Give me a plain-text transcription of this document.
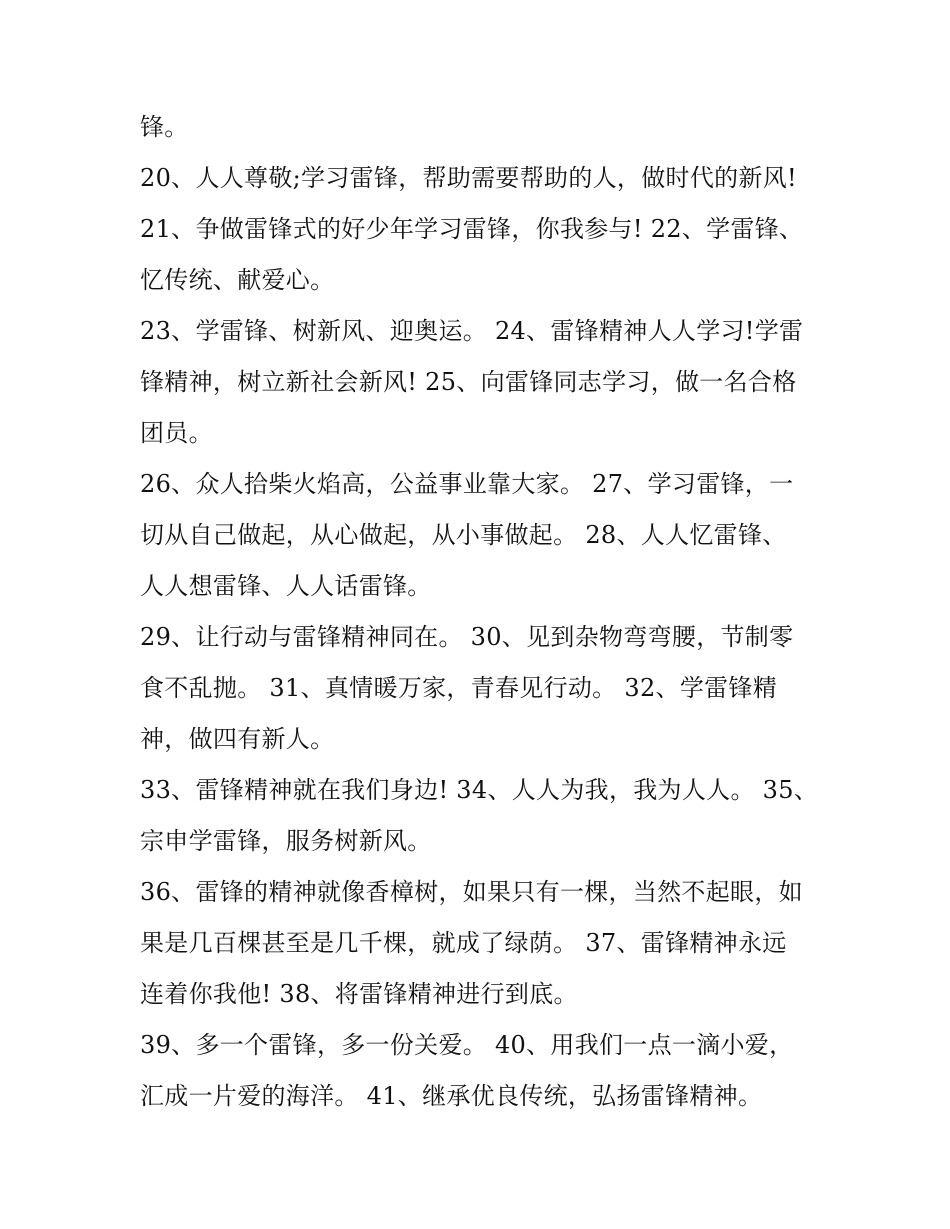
锋。
20、人人尊敬;学习雷锋，帮助需要帮助的人，做时代的新风!
21、争做雷锋式的好少年学习雷锋，你我参与! 22、学雷锋、
忆传统、献爱心。
23、学雷锋、树新风、迎奥运。 24、雷锋精神人人学习!学雷
锋精神，树立新社会新风! 25、向雷锋同志学习，做一名合格
团员。
26、众人拾柴火焰高，公益事业靠大家。 27、学习雷锋，一
切从自己做起，从心做起，从小事做起。 28、人人忆雷锋、
人人想雷锋、人人话雷锋。
29、让行动与雷锋精神同在。 30、见到杂物弯弯腰，节制零
食不乱抛。 31、真情暖万家，青春见行动。 32、学雷锋精
神，做四有新人。
33、雷锋精神就在我们身边! 34、人人为我，我为人人。 35、
宗申学雷锋，服务树新风。
36、雷锋的精神就像香樟树，如果只有一棵，当然不起眼，如
果是几百棵甚至是几千棵，就成了绿荫。 37、雷锋精神永远
连着你我他! 38、将雷锋精神进行到底。
39、多一个雷锋，多一份关爱。 40、用我们一点一滴小爱，
汇成一片爱的海洋。 41、继承优良传统，弘扬雷锋精神。
